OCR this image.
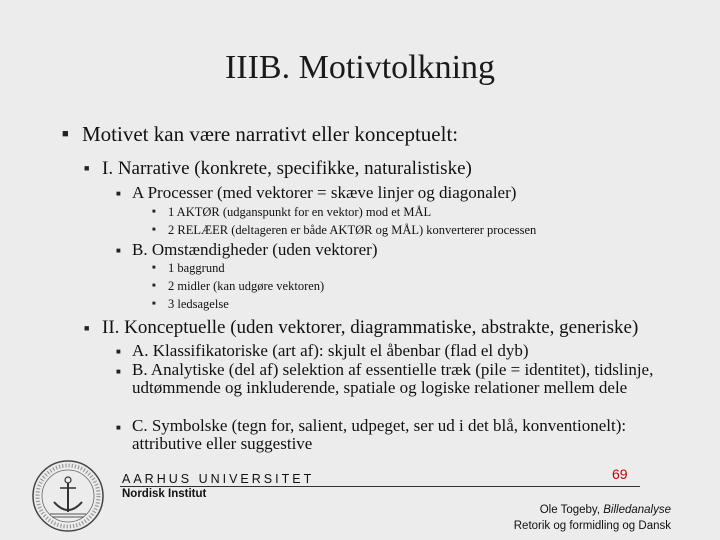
IIIB. Motivtolkning
■ Motivet kan være narrativt eller konceptuelt:
■ I. Narrative (konkrete, specifikke, naturalistiske)
■ A Processer (med vektorer = skæve linjer og diagonaler)
■ 1 AKTØR (udganspunkt for en vektor) mod et MÅL
■ 2 RELÆER (deltageren er både AKTØR og MÅL) konverterer processen
■ B. Omstændigheder (uden vektorer)
■ 1 baggrund
■ 2 midler (kan udgøre vektoren)
■ 3 ledsagelse
■ II. Konceptuelle (uden vektorer, diagrammatiske, abstrakte, generiske)
■ A. Klassifikatoriske (art af): skjult el åbenbar (flad el dyb)
■ B. Analytiske (del af) selektion af essentielle træk (pile = identitet), tidslinje, udtømmende og inkluderende, spatiale og logiske relationer mellem dele
■ C. Symbolske (tegn for, salient, udpeget, ser ud i det blå, konventionelt): attributive eller suggestive
AARHUS UNIVERSITET
Nordisk Institut
69
Ole Togeby, Billedanalyse
Retorik og formidling og Dansk
